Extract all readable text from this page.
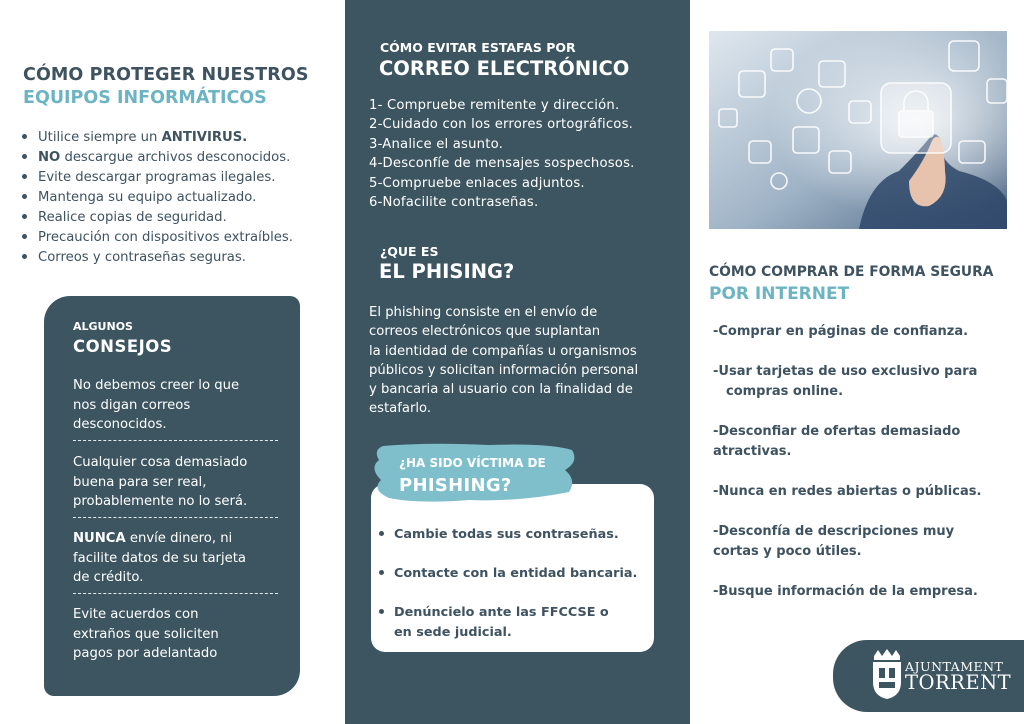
CÓMO PROTEGER NUESTROS
EQUIPOS INFORMÁTICOS
Utilice siempre un ANTIVIRUS.
NO descargue archivos desconocidos.
Evite descargar programas ilegales.
Mantenga su equipo actualizado.
Realice copias de seguridad.
Precaución con dispositivos extraíbles.
Correos y contraseñas seguras.
ALGUNOS
CONSEJOS
No debemos creer lo que
nos digan correos
desconocidos.
Cualquier cosa demasiado
buena para ser real,
probablemente no lo será.
NUNCA envíe dinero, ni
facilite datos de su tarjeta
de crédito.
Evite acuerdos con
extraños que soliciten
pagos por adelantado
CÓMO EVITAR ESTAFAS POR
CORREO ELECTRÓNICO
1- Compruebe remitente y dirección.
2-Cuidado con los errores ortográficos.
3-Analice el asunto.
4-Desconfíe de mensajes sospechosos.
5-Compruebe enlaces adjuntos.
6-Nofacilite contraseñas.
¿QUE ES
EL PHISING?
El phishing consiste en el envío de
correos electrónicos que suplantan
la identidad de compañías u organismos
públicos y solicitan información personal
y bancaria al usuario con la finalidad de
estafarlo.
¿HA SIDO VÍCTIMA DE
PHISHING?
Cambie todas sus contraseñas.
Contacte con la entidad bancaria.
Denúncielo ante las FFCCSE o
en sede judicial.
CÓMO COMPRAR DE FORMA SEGURA
POR INTERNET
-Comprar en páginas de confianza.
-Usar tarjetas de uso exclusivo para
compras online.
-Desconfiar de ofertas demasiado
atractivas.
-Nunca en redes abiertas o públicas.
-Desconfía de descripciones muy
cortas y poco útiles.
-Busque información de la empresa.
AJUNTAMENT
TORRENT
